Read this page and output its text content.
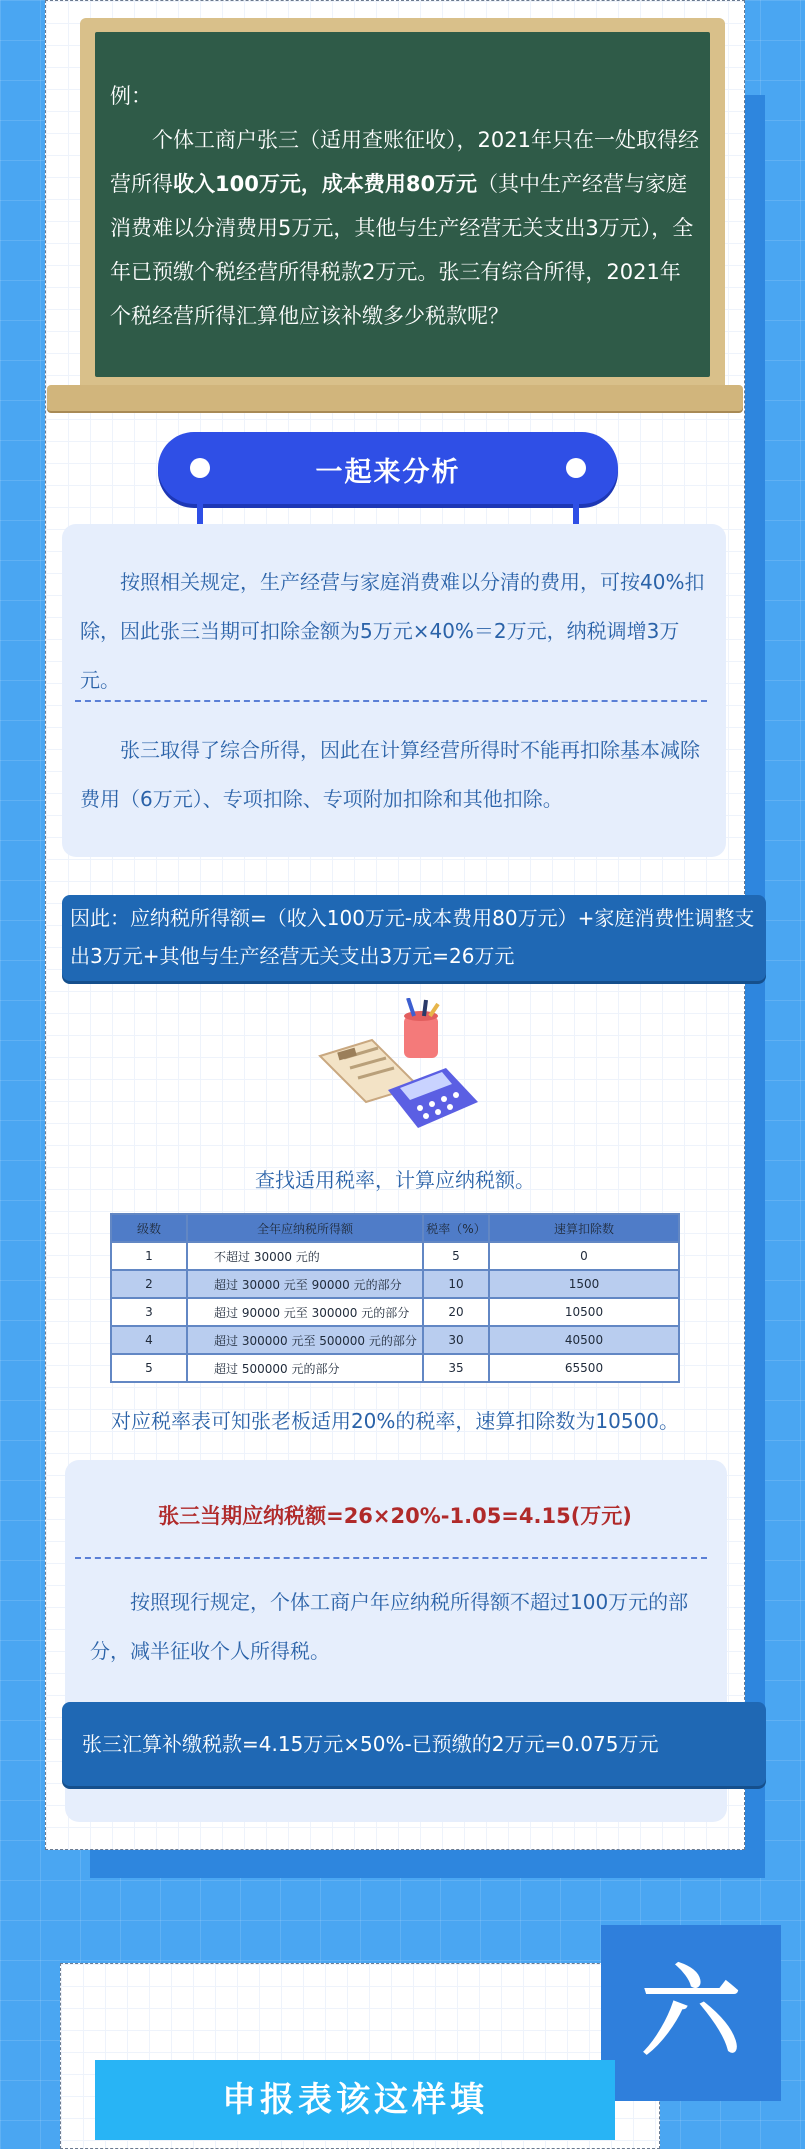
例：

个体工商户张三（适用查账征收），2021年只在一处取得经营所得收入100万元，成本费用80万元（其中生产经营与家庭消费难以分清费用5万元，其他与生产经营无关支出3万元），全年已预缴个税经营所得税款2万元。张三有综合所得，2021年个税经营所得汇算他应该补缴多少税款呢？

一起来分析
按照相关规定，生产经营与家庭消费难以分清的费用，可按40%扣除，因此张三当期可扣除金额为5万元×40%＝2万元，纳税调增3万元。
张三取得了综合所得，因此在计算经营所得时不能再扣除基本减除费用（6万元）、专项扣除、专项附加扣除和其他扣除。
因此：应纳税所得额=（收入100万元-成本费用80万元）+家庭消费性调整支出3万元+其他与生产经营无关支出3万元=26万元
查找适用税率，计算应纳税额。
级数	全年应纳税所得额	税率（%）	速算扣除数
1	不超过 30000 元的	5	0
2	超过 30000 元至 90000 元的部分	10	1500
3	超过 90000 元至 300000 元的部分	20	10500
4	超过 300000 元至 500000 元的部分	30	40500
5	超过 500000 元的部分	35	65500
对应税率表可知张老板适用20%的税率，速算扣除数为10500。
张三当期应纳税额=26×20%-1.05=4.15(万元)
按照现行规定，个体工商户年应纳税所得额不超过100万元的部分，减半征收个人所得税。
张三汇算补缴税款=4.15万元×50%-已预缴的2万元=0.075万元
六
申报表该这样填
